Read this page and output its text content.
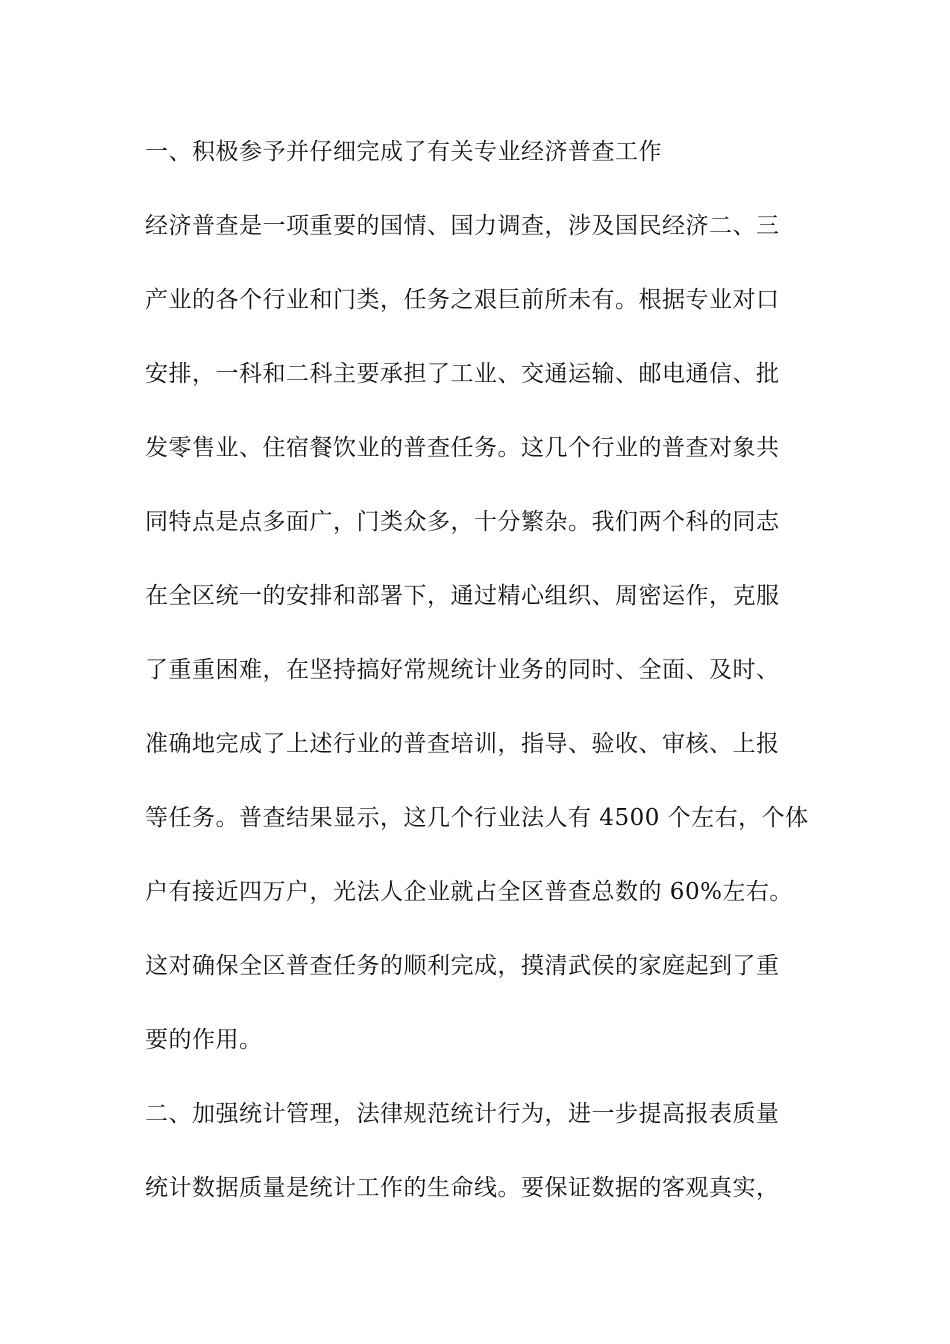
一、积极参予并仔细完成了有关专业经济普查工作
经济普查是一项重要的国情、国力调查，涉及国民经济二、三
产业的各个行业和门类，任务之艰巨前所未有。根据专业对口
安排，一科和二科主要承担了工业、交通运输、邮电通信、批
发零售业、住宿餐饮业的普查任务。这几个行业的普查对象共
同特点是点多面广，门类众多，十分繁杂。我们两个科的同志
在全区统一的安排和部署下，通过精心组织、周密运作，克服
了重重困难，在坚持搞好常规统计业务的同时、全面、及时、
准确地完成了上述行业的普查培训，指导、验收、审核、上报
等任务。普查结果显示，这几个行业法人有 4500 个左右，个体
户有接近四万户，光法人企业就占全区普查总数的 60%左右。
这对确保全区普查任务的顺利完成，摸清武侯的家庭起到了重
要的作用。
二、加强统计管理，法律规范统计行为，进一步提高报表质量
统计数据质量是统计工作的生命线。要保证数据的客观真实，
